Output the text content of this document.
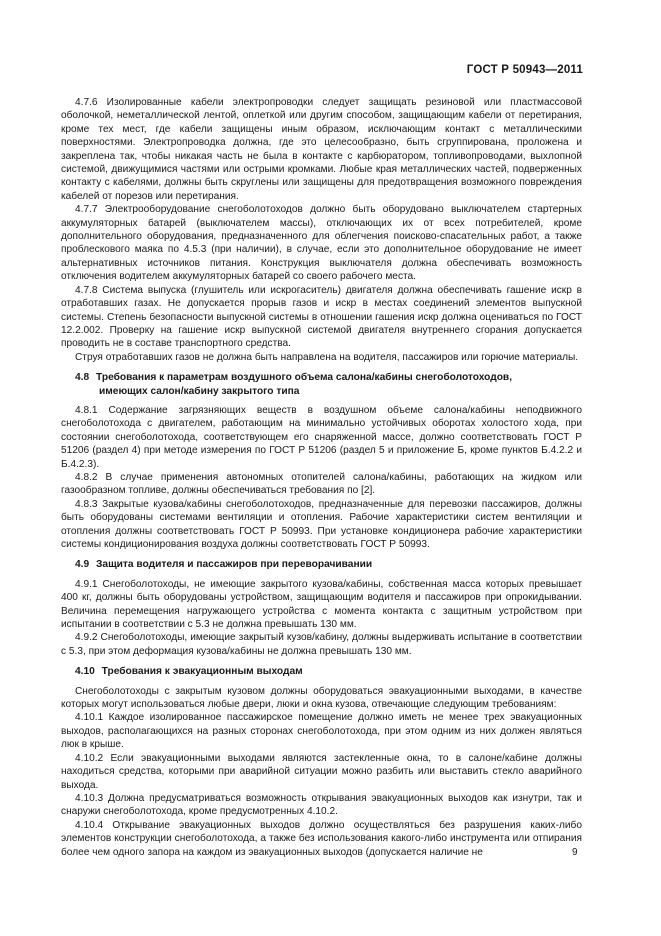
ГОСТ Р 50943—2011

4.7.6 Изолированные кабели электропроводки следует защищать резиновой или пластмассовой оболочкой, неметаллической лентой, оплеткой или другим способом, защищающим кабели от перетирания, кроме тех мест, где кабели защищены иным образом, исключающим контакт с металлическими поверхностями. Электропроводка должна, где это целесообразно, быть сгруппирована, проложена и закреплена так, чтобы никакая часть не была в контакте с карбюратором, топливопроводами, выхлопной системой, движущимися частями или острыми кромками. Любые края металлических частей, подверженных контакту с кабелями, должны быть скруглены или защищены для предотвращения возможного повреждения кабелей от порезов или перетирания.

4.7.7 Электрооборудование снегоболотоходов должно быть оборудовано выключателем стартерных аккумуляторных батарей (выключателем массы), отключающих их от всех потребителей, кроме дополнительного оборудования, предназначенного для облегчения поисково-спасательных работ, а также проблескового маяка по 4.5.3 (при наличии), в случае, если это дополнительное оборудование не имеет альтернативных источников питания. Конструкция выключателя должна обеспечивать возможность отключения водителем аккумуляторных батарей со своего рабочего места.

4.7.8 Система выпуска (глушитель или искрогаситель) двигателя должна обеспечивать гашение искр в отработавших газах. Не допускается прорыв газов и искр в местах соединений элементов выпускной системы. Степень безопасности выпускной системы в отношении гашения искр должна оцениваться по ГОСТ 12.2.002. Проверку на гашение искр выпускной системой двигателя внутреннего сгорания допускается проводить не в составе транспортного средства.

Струя отработавших газов не должна быть направлена на водителя, пассажиров или горючие материалы.

4.8 Требования к параметрам воздушного объема салона/кабины снегоболотоходов,
имеющих салон/кабину закрытого типа

4.8.1 Содержание загрязняющих веществ в воздушном объеме салона/кабины неподвижного снегоболотохода с двигателем, работающим на минимально устойчивых оборотах холостого хода, при состоянии снегоболотохода, соответствующем его снаряженной массе, должно соответствовать ГОСТ Р 51206 (раздел 4) при методе измерения по ГОСТ Р 51206 (раздел 5 и приложение Б, кроме пунктов Б.4.2.2 и Б.4.2.3).

4.8.2 В случае применения автономных отопителей салона/кабины, работающих на жидком или газообразном топливе, должны обеспечиваться требования по [2].

4.8.3 Закрытые кузова/кабины снегоболотоходов, предназначенные для перевозки пассажиров, должны быть оборудованы системами вентиляции и отопления. Рабочие характеристики систем вентиляции и отопления должны соответствовать ГОСТ Р 50993. При установке кондиционера рабочие характеристики системы кондиционирования воздуха должны соответствовать ГОСТ Р 50993.

4.9 Защита водителя и пассажиров при переворачивании

4.9.1 Снегоболотоходы, не имеющие закрытого кузова/кабины, собственная масса которых превышает 400 кг, должны быть оборудованы устройством, защищающим водителя и пассажиров при опрокидывании. Величина перемещения нагружающего устройства с момента контакта с защитным устройством при испытании в соответствии с 5.3 не должна превышать 130 мм.

4.9.2 Снегоболотоходы, имеющие закрытый кузов/кабину, должны выдерживать испытание в соответствии с 5.3, при этом деформация кузова/кабины не должна превышать 130 мм.

4.10 Требования к эвакуационным выходам

Снегоболотоходы с закрытым кузовом должны оборудоваться эвакуационными выходами, в качестве которых могут использоваться любые двери, люки и окна кузова, отвечающие следующим требованиям:

4.10.1 Каждое изолированное пассажирское помещение должно иметь не менее трех эвакуационных выходов, располагающихся на разных сторонах снегоболотохода, при этом одним из них должен являться люк в крыше.

4.10.2 Если эвакуационными выходами являются застекленные окна, то в салоне/кабине должны находиться средства, которыми при аварийной ситуации можно разбить или выставить стекло аварийного выхода.

4.10.3 Должна предусматриваться возможность открывания эвакуационных выходов как изнутри, так и снаружи снегоболотохода, кроме предусмотренных 4.10.2.

4.10.4 Открывание эвакуационных выходов должно осуществляться без разрушения каких-либо элементов конструкции снегоболотохода, а также без использования какого-либо инструмента или отпирания более чем одного запора на каждом из эвакуационных выходов (допускается наличие не	9
